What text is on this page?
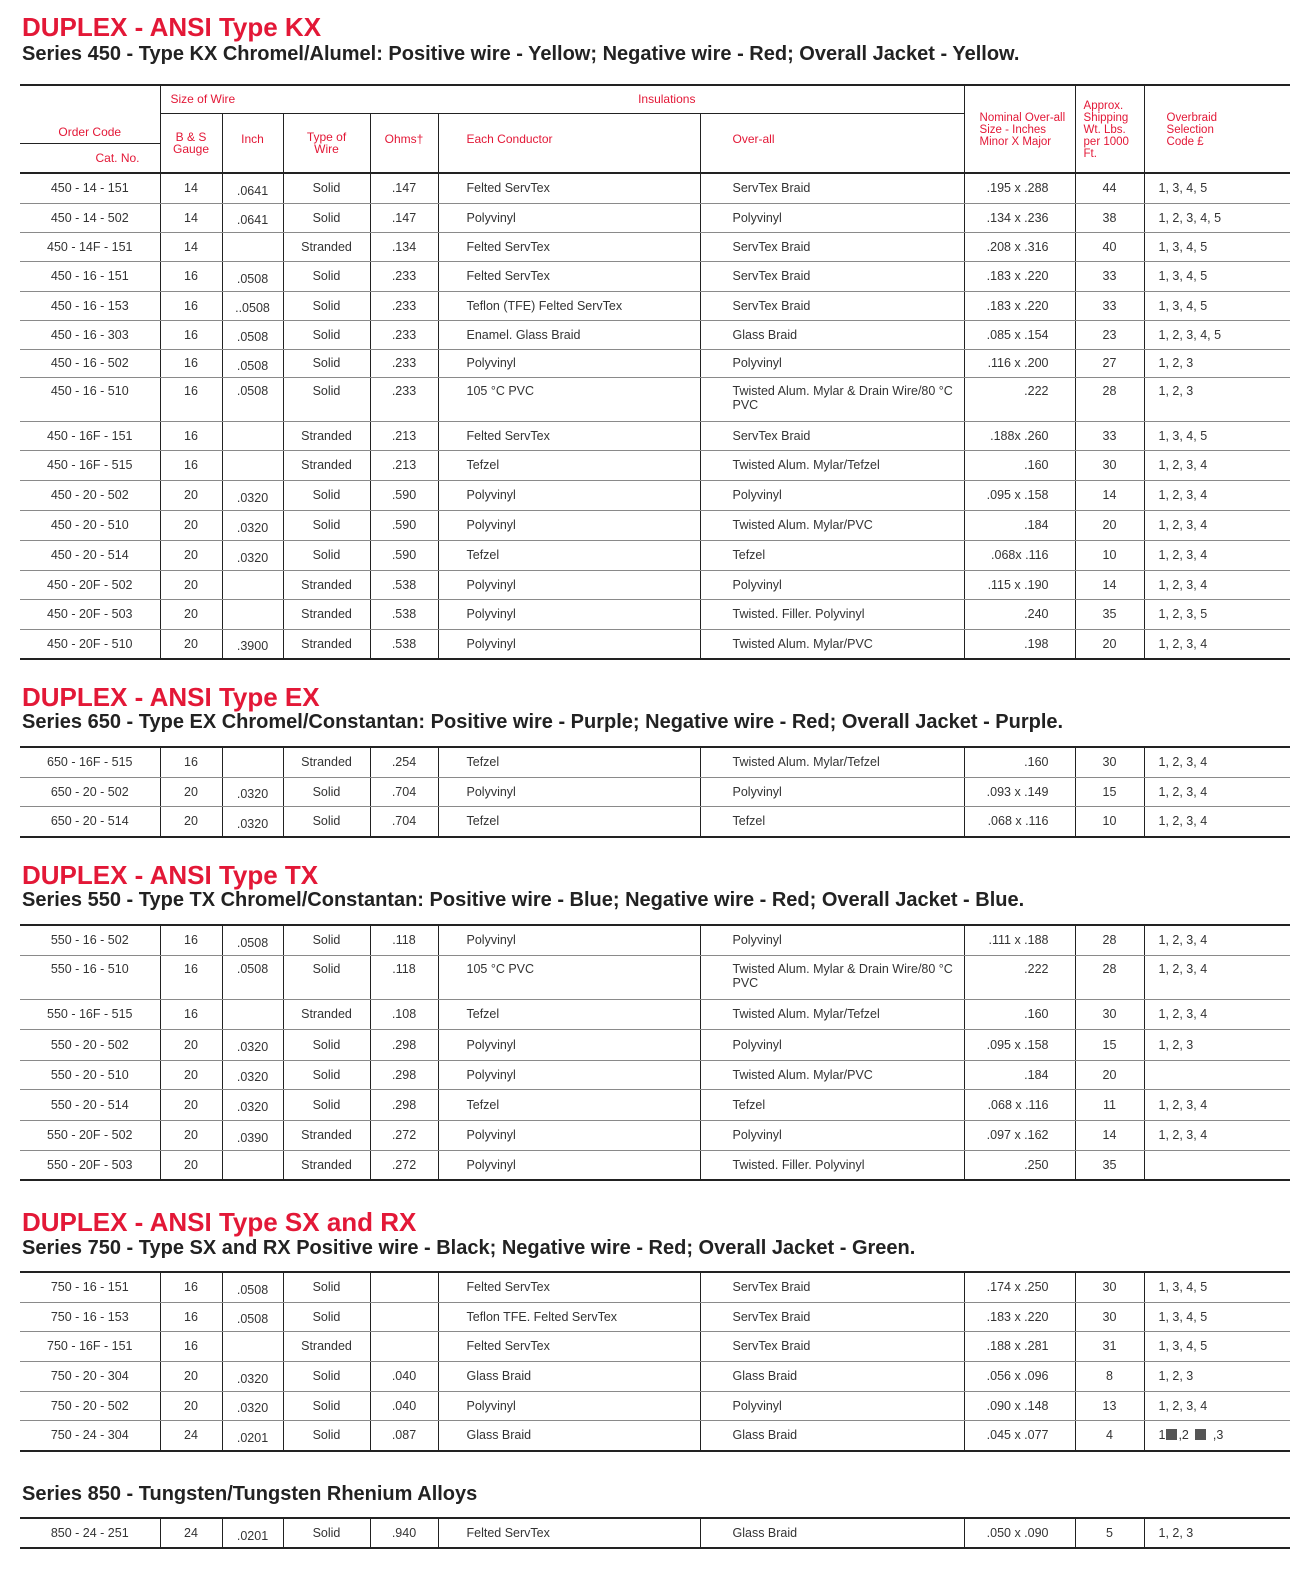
DUPLEX - ANSI Type KX
Series 450 - Type KX Chromel/Alumel: Positive wire - Yellow; Negative wire - Red; Overall Jacket - Yellow.
	Size of Wire			Insulations			Nominal Over-all Size - Inches Minor X Major	Approx. Shipping Wt. Lbs. per 1000 Ft.	Overbraid Selection Code £

Order Code	B & S Gauge	Inch	Type of Wire	Ohms†	Each Conductor	Over-all			
Cat. No.									
450 - 14 - 151	14	.0641	Solid	.147	Felted ServTex	ServTex Braid	.195 x .288	44	1, 3, 4, 5
450 - 14 - 502	14	.0641	Solid	.147	Polyvinyl	Polyvinyl	.134 x .236	38	1, 2, 3, 4, 5
450 - 14F - 151	14		Stranded	.134	Felted ServTex	ServTex Braid	.208 x .316	40	1, 3, 4, 5
450 - 16 - 151	16	.0508	Solid	.233	Felted ServTex	ServTex Braid	.183 x .220	33	1, 3, 4, 5
450 - 16 - 153	16	..0508	Solid	.233	Teflon (TFE) Felted ServTex	ServTex Braid	.183 x .220	33	1, 3, 4, 5
450 - 16 - 303	16	.0508	Solid	.233	Enamel. Glass Braid	Glass Braid	.085 x .154	23	1, 2, 3, 4, 5
450 - 16 - 502	16	.0508	Solid	.233	Polyvinyl	Polyvinyl	.116 x .200	27	1, 2, 3
450 - 16 - 510	16	.0508	Solid	.233	105 °C PVC	Twisted Alum. Mylar & Drain Wire/80 °C PVC	.222	28	1, 2, 3
450 - 16F - 151	16		Stranded	.213	Felted ServTex	ServTex Braid	.188x .260	33	1, 3, 4, 5
450 - 16F - 515	16		Stranded	.213	Tefzel	Twisted Alum. Mylar/Tefzel	.160	30	1, 2, 3, 4
450 - 20 - 502	20	.0320	Solid	.590	Polyvinyl	Polyvinyl	.095 x .158	14	1, 2, 3, 4
450 - 20 - 510	20	.0320	Solid	.590	Polyvinyl	Twisted Alum. Mylar/PVC	.184	20	1, 2, 3, 4
450 - 20 - 514	20	.0320	Solid	.590	Tefzel	Tefzel	.068x .116	10	1, 2, 3, 4
450 - 20F - 502	20		Stranded	.538	Polyvinyl	Polyvinyl	.115 x .190	14	1, 2, 3, 4
450 - 20F - 503	20		Stranded	.538	Polyvinyl	Twisted. Filler. Polyvinyl	.240	35	1, 2, 3, 5
450 - 20F - 510	20	.3900	Stranded	.538	Polyvinyl	Twisted Alum. Mylar/PVC	.198	20	1, 2, 3, 4
DUPLEX - ANSI Type EX
Series 650 - Type EX Chromel/Constantan: Positive wire - Purple; Negative wire - Red; Overall Jacket - Purple.
650 - 16F - 515	16		Stranded	.254	Tefzel	Twisted Alum. Mylar/Tefzel	.160	30	1, 2, 3, 4
650 - 20 - 502	20	.0320	Solid	.704	Polyvinyl	Polyvinyl	.093 x .149	15	1, 2, 3, 4
650 - 20 - 514	20	.0320	Solid	.704	Tefzel	Tefzel	.068 x .116	10	1, 2, 3, 4
DUPLEX - ANSI Type TX
Series 550 - Type TX Chromel/Constantan: Positive wire - Blue; Negative wire - Red; Overall Jacket - Blue.
550 - 16 - 502	16	.0508	Solid	.118	Polyvinyl	Polyvinyl	.111 x .188	28	1, 2, 3, 4
550 - 16 - 510	16	.0508	Solid	.118	105 °C PVC	Twisted Alum. Mylar & Drain Wire/80 °C PVC	.222	28	1, 2, 3, 4
550 - 16F - 515	16		Stranded	.108	Tefzel	Twisted Alum. Mylar/Tefzel	.160	30	1, 2, 3, 4
550 - 20 - 502	20	.0320	Solid	.298	Polyvinyl	Polyvinyl	.095 x .158	15	1, 2, 3
550 - 20 - 510	20	.0320	Solid	.298	Polyvinyl	Twisted Alum. Mylar/PVC	.184	20	
550 - 20 - 514	20	.0320	Solid	.298	Tefzel	Tefzel	.068 x .116	11	1, 2, 3, 4
550 - 20F - 502	20	.0390	Stranded	.272	Polyvinyl	Polyvinyl	.097 x .162	14	1, 2, 3, 4
550 - 20F - 503	20		Stranded	.272	Polyvinyl	Twisted. Filler. Polyvinyl	.250	35	
DUPLEX - ANSI Type SX and RX
Series 750 - Type SX and RX Positive wire - Black; Negative wire - Red; Overall Jacket - Green.
750 - 16 - 151	16	.0508	Solid		Felted ServTex	ServTex Braid	.174 x .250	30	1, 3, 4, 5
750 - 16 - 153	16	.0508	Solid		Teflon TFE. Felted ServTex	ServTex Braid	.183 x .220	30	1, 3, 4, 5
750 - 16F - 151	16		Stranded		Felted ServTex	ServTex Braid	.188 x .281	31	1, 3, 4, 5
750 - 20 - 304	20	.0320	Solid	.040	Glass Braid	Glass Braid	.056 x .096	8	1, 2, 3
750 - 20 - 502	20	.0320	Solid	.040	Polyvinyl	Polyvinyl	.090 x .148	13	1, 2, 3, 4
750 - 24 - 304	24	.0201	Solid	.087	Glass Braid	Glass Braid	.045 x .077	4	1 ,2 ,3
Series 850 - Tungsten/Tungsten Rhenium Alloys
850 - 24 - 251	24	.0201	Solid	.940	Felted ServTex	Glass Braid	.050 x .090	5	1, 2, 3
